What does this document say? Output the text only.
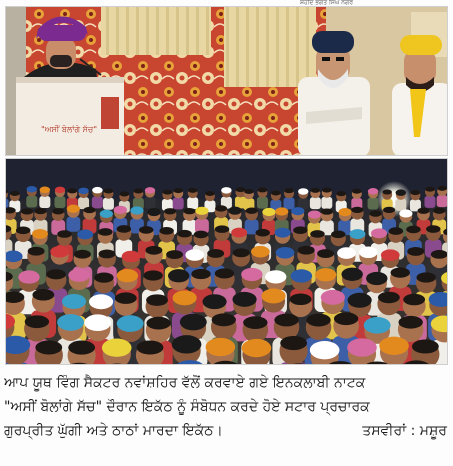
ਸ਼ਹੀਦ ਭਗਤ ਸਿੰਘ ਨਗਰ
"ਅਸੀਂ ਬੋਲਾਂਗੇ ਸੱਚ"
ਆਪ ਯੂਥ ਵਿੰਗ ਸੈਕਟਰ ਨਵਾਂਸ਼ਹਿਰ ਵੱਲੋਂ ਕਰਵਾਏ ਗਏ ਇਨਕਲਾਬੀ ਨਾਟਕ
"ਅਸੀਂ ਬੋਲਾਂਗੇ ਸੱਚ" ਦੌਰਾਨ ਇਕੱਠ ਨੂੰ ਸੰਬੋਧਨ ਕਰਦੇ ਹੋਏ ਸਟਾਰ ਪ੍ਰਚਾਰਕ
ਗੁਰਪ੍ਰੀਤ ਘੁੱਗੀ ਅਤੇ ਠਾਠਾਂ ਮਾਰਦਾ ਇਕੱਠ।	ਤਸਵੀਰਾਂ : ਮਸ਼ੂਰ
